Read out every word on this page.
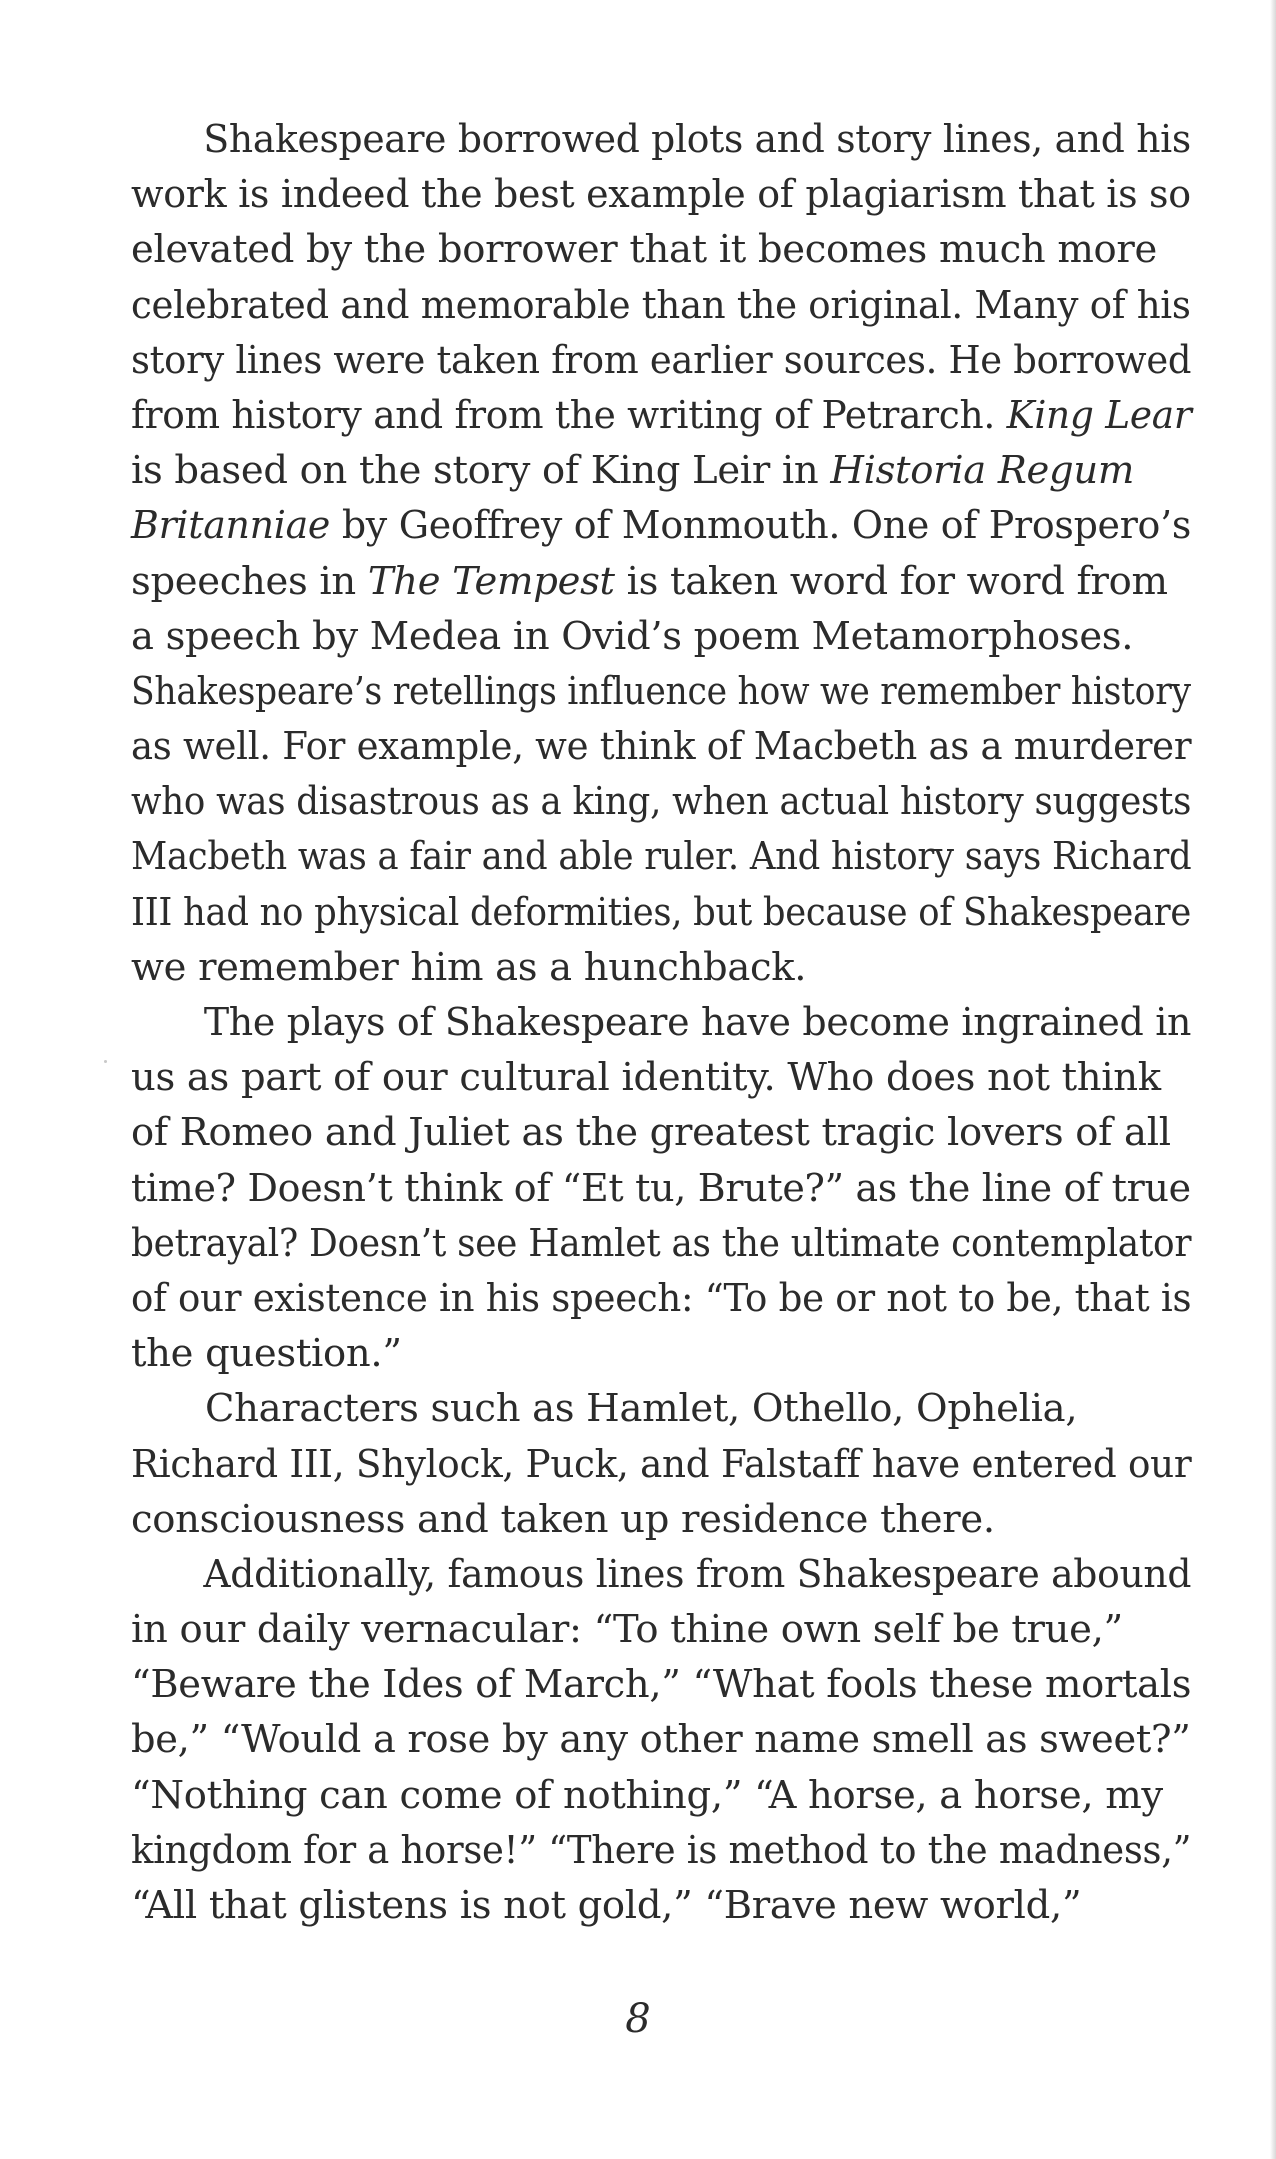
Shakespeare borrowed plots and story lines, and his
work is indeed the best example of plagiarism that is so
elevated by the borrower that it becomes much more
celebrated and memorable than the original. Many of his
story lines were taken from earlier sources. He borrowed
from history and from the writing of Petrarch. King Lear
is based on the story of King Leir in Historia Regum
Britanniae by Geoffrey of Monmouth. One of Prospero’s
speeches in The Tempest is taken word for word from
a speech by Medea in Ovid’s poem Metamorphoses.
Shakespeare’s retellings influence how we remember history
as well. For example, we think of Macbeth as a murderer
who was disastrous as a king, when actual history suggests
Macbeth was a fair and able ruler. And history says Richard
III had no physical deformities, but because of Shakespeare
we remember him as a hunchback.
The plays of Shakespeare have become ingrained in
us as part of our cultural identity. Who does not think
of Romeo and Juliet as the greatest tragic lovers of all
time? Doesn’t think of “Et tu, Brute?” as the line of true
betrayal? Doesn’t see Hamlet as the ultimate contemplator
of our existence in his speech: “To be or not to be, that is
the question.”
Characters such as Hamlet, Othello, Ophelia,
Richard III, Shylock, Puck, and Falstaff have entered our
consciousness and taken up residence there.
Additionally, famous lines from Shakespeare abound
in our daily vernacular: “To thine own self be true,”
“Beware the Ides of March,” “What fools these mortals
be,” “Would a rose by any other name smell as sweet?”
“Nothing can come of nothing,” “A horse, a horse, my
kingdom for a horse!” “There is method to the madness,”
“All that glistens is not gold,” “Brave new world,”
8
